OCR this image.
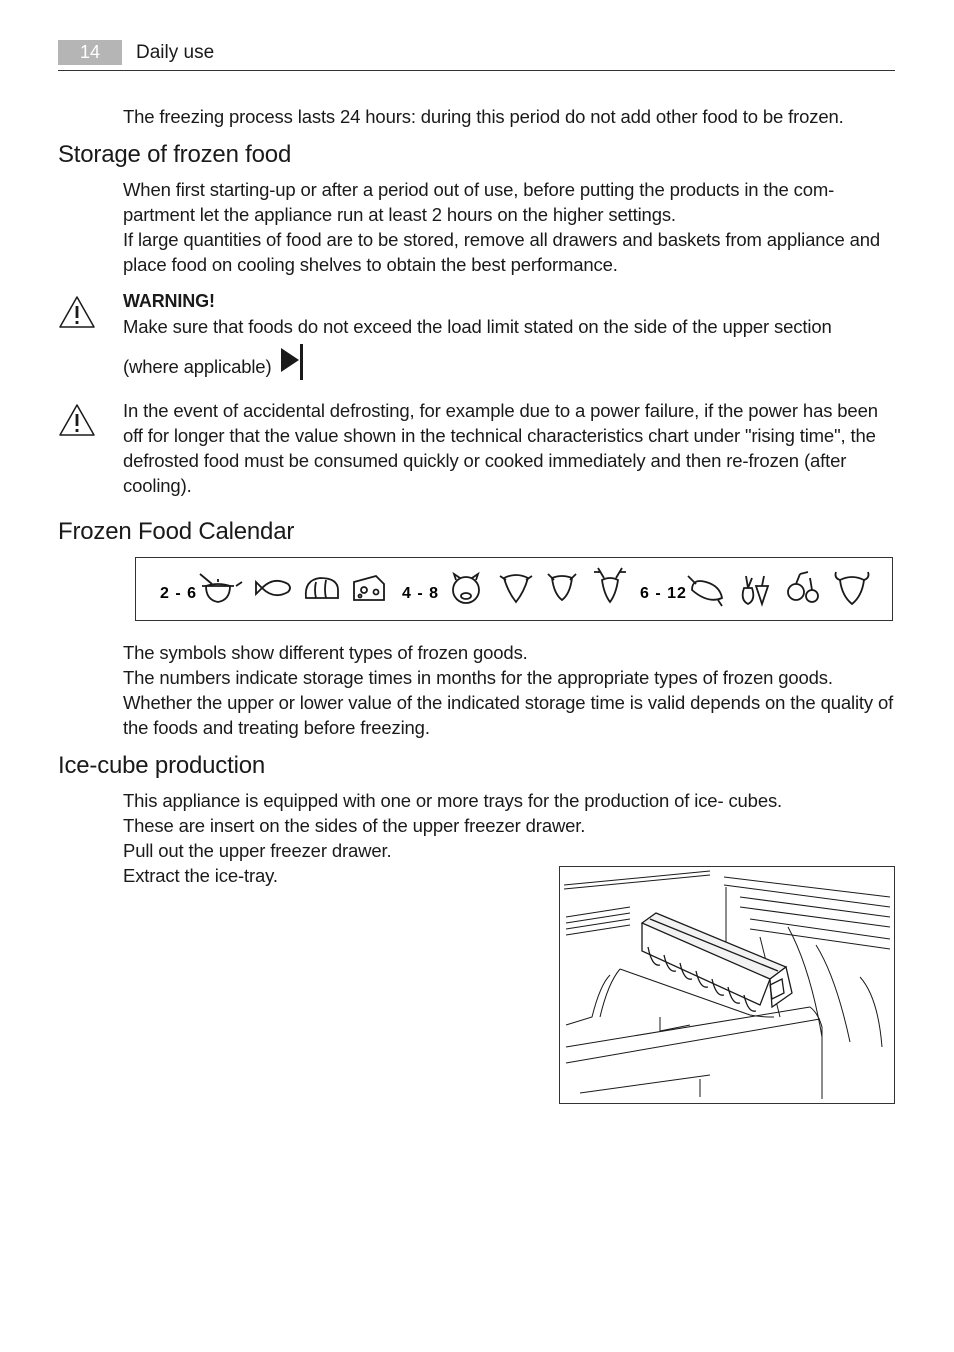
14	Daily use
The freezing process lasts 24 hours: during this period do not add other food to be frozen.
Storage of frozen food

When first starting-up or after a period out of use, before putting the products in the com-partment let the appliance run at least 2 hours on the higher settings.

If large quantities of food are to be stored, remove all drawers and baskets from appliance and place food on cooling shelves to obtain the best performance.

WARNING!

Make sure that foods do not exceed the load limit stated on the side of the upper section

(where applicable)
In the event of accidental defrosting, for example due to a power failure, if the power has been off for longer that the value shown in the technical characteristics chart under "rising time", the defrosted food must be consumed quickly or cooked immediately and then re-frozen (after cooling).
Frozen Food Calendar
2 - 6	4 - 8	6 - 12

The symbols show different types of frozen goods.

The numbers indicate storage times in months for the appropriate types of frozen goods.

Whether the upper or lower value of the indicated storage time is valid depends on the quality of the foods and treating before freezing.

Ice-cube production

This appliance is equipped with one or more trays for the production of ice- cubes.

These are insert on the sides of the upper freezer drawer.

Pull out the upper freezer drawer.

Extract the ice-tray.
